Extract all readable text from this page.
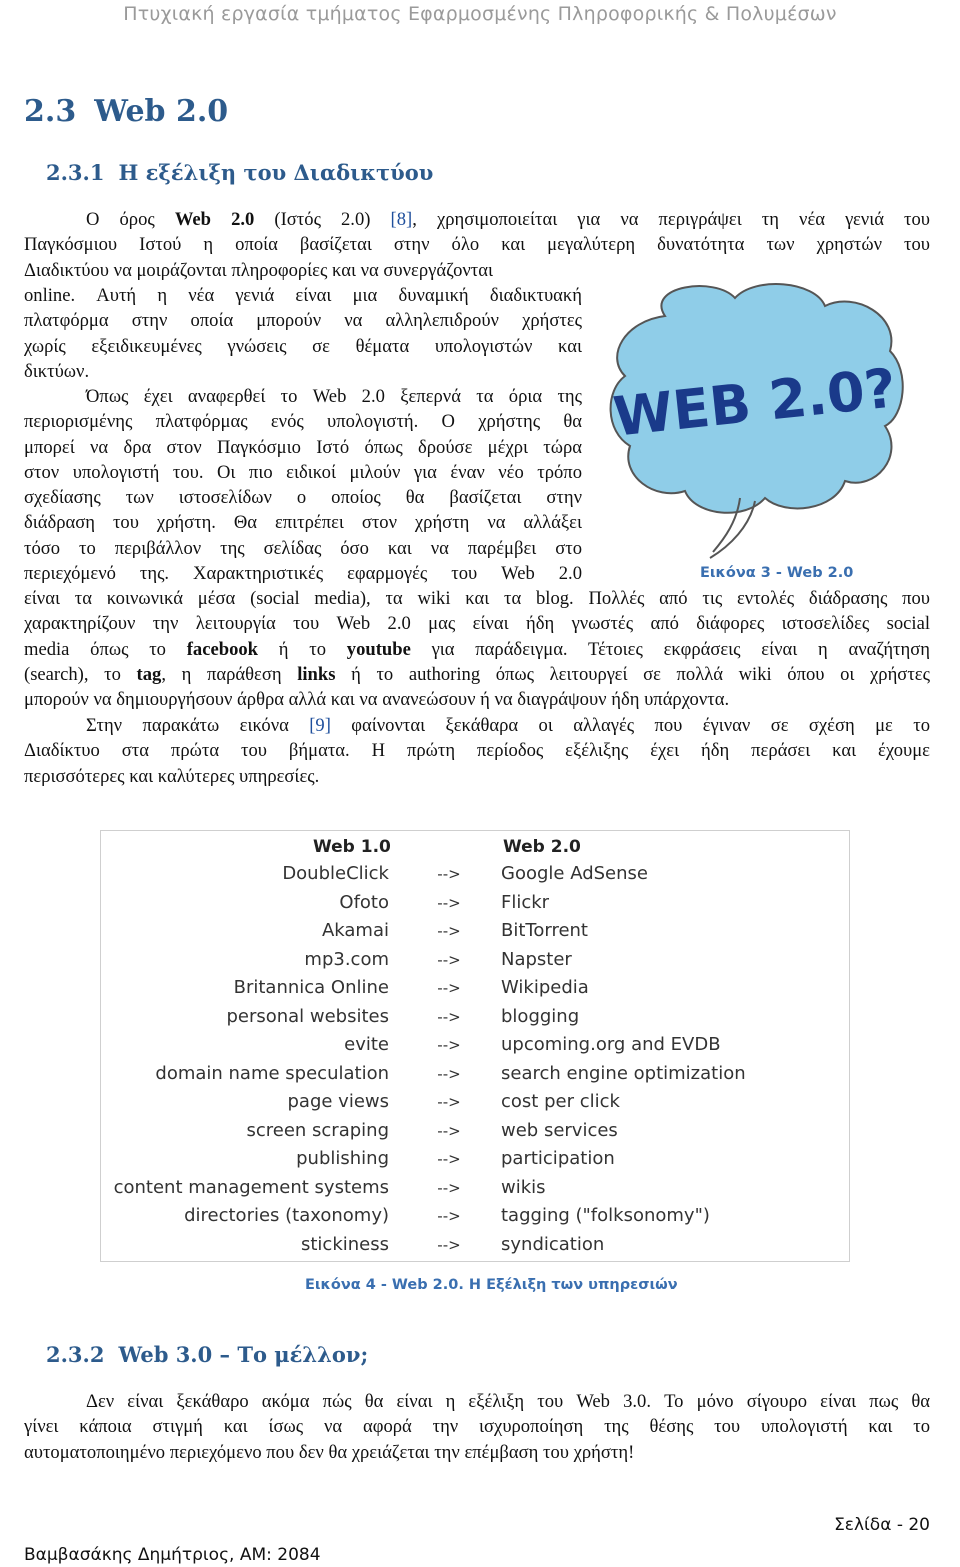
Πτυχιακή εργασία τμήματος Εφαρμοσμένης Πληροφορικής & Πολυμέσων
2.3 Web 2.0
2.3.1 Η εξέλιξη του Διαδικτύου
Ο όρος Web 2.0 (Ιστός 2.0) [8], χρησιμοποιείται για να περιγράψει τη νέα γενιά του
Παγκόσμιου Ιστού η οποία βασίζεται στην όλο και μεγαλύτερη δυνατότητα των χρηστών του
Διαδικτύου να μοιράζονται πληροφορίες και να συνεργάζονται
online. Αυτή η νέα γενιά είναι μια δυναμική διαδικτυακή
πλατφόρμα στην οποία μπορούν να αλληλεπιδρούν χρήστες
χωρίς εξειδικευμένες γνώσεις σε θέματα υπολογιστών και
δικτύων.
Όπως έχει αναφερθεί το Web 2.0 ξεπερνά τα όρια της
περιορισμένης πλατφόρμας ενός υπολογιστή. Ο χρήστης θα
μπορεί να δρα στον Παγκόσμιο Ιστό όπως δρούσε μέχρι τώρα
στον υπολογιστή του. Οι πιο ειδικοί μιλούν για έναν νέο τρόπο
σχεδίασης των ιστοσελίδων ο οποίος θα βασίζεται στην
διάδραση του χρήστη. Θα επιτρέπει στον χρήστη να αλλάξει
τόσο το περιβάλλον της σελίδας όσο και να παρέμβει στο
περιεχόμενό της. Χαρακτηριστικές εφαρμογές του Web 2.0
είναι τα κοινωνικά μέσα (social media), τα wiki και τα blog. Πολλές από τις εντολές διάδρασης που
χαρακτηρίζουν την λειτουργία του Web 2.0 μας είναι ήδη γνωστές από διάφορες ιστοσελίδες social
media όπως το facebook ή το youtube για παράδειγμα. Τέτοιες εκφράσεις είναι η αναζήτηση
(search), το tag, η παράθεση links ή το authoring όπως λειτουργεί σε πολλά wiki όπου οι χρήστες
μπορούν να δημιουργήσουν άρθρα αλλά και να ανανεώσουν ή να διαγράψουν ήδη υπάρχοντα.
Στην παρακάτω εικόνα [9] φαίνονται ξεκάθαρα οι αλλαγές που έγιναν σε σχέση με το
Διαδίκτυο στα πρώτα του βήματα. Η πρώτη περίοδος εξέλιξης έχει ήδη περάσει και έχουμε
περισσότερες και καλύτερες υπηρεσίες.
WEB 2.0?
Εικόνα 3 - Web 2.0
Web 1.0	Web 2.0
DoubleClick	--> Google AdSense
Ofoto	--> Flickr
Akamai	--> BitTorrent
mp3.com	--> Napster
Britannica Online	--> Wikipedia
personal websites	--> blogging
evite	--> upcoming.org and EVDB
domain name speculation	--> search engine optimization
page views	--> cost per click
screen scraping	--> web services
publishing	--> participation
content management systems	--> wikis
directories (taxonomy)	--> tagging ("folksonomy")
stickiness	--> syndication
Εικόνα 4 - Web 2.0. Η Εξέλιξη των υπηρεσιών
2.3.2 Web 3.0 – Το μέλλον;
Δεν είναι ξεκάθαρο ακόμα πώς θα είναι η εξέλιξη του Web 3.0. Το μόνο σίγουρο είναι πως θα
γίνει κάποια στιγμή και ίσως να αφορά την ισχυροποίηση της θέσης του υπολογιστή και το
αυτοματοποιημένο περιεχόμενο που δεν θα χρειάζεται την επέμβαση του χρήστη!
Σελίδα - 20
Βαμβασάκης Δημήτριος, ΑΜ: 2084
